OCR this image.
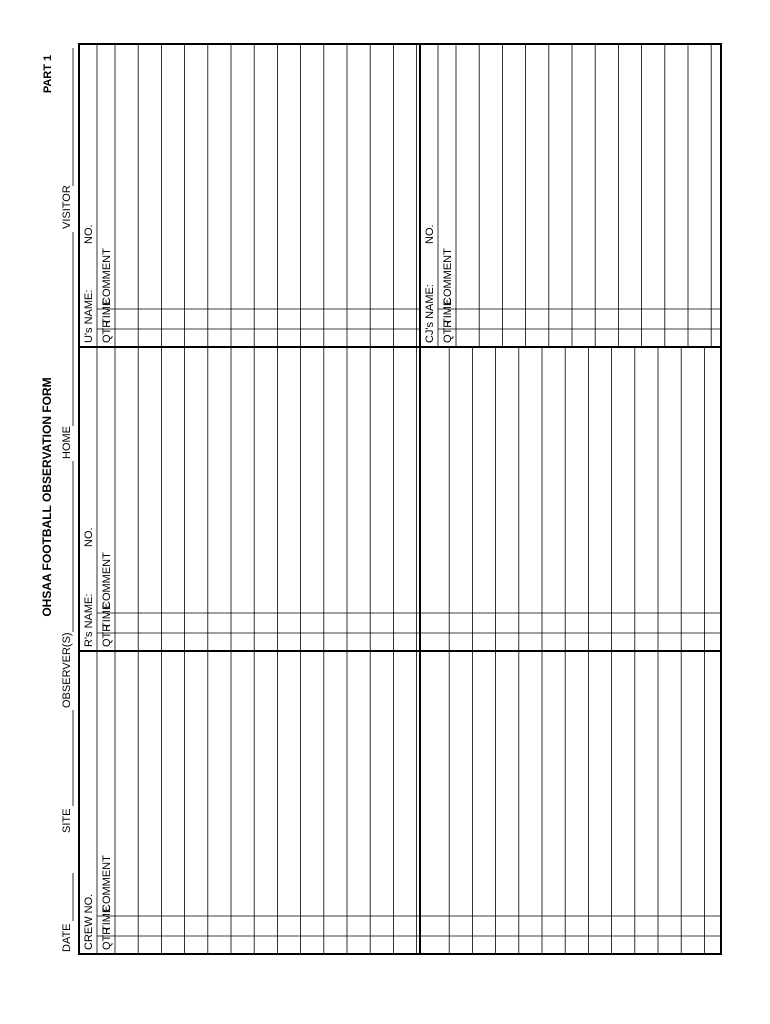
OHSAA FOOTBALL OBSERVATION FORM
PART 1
DATE
SITE
OBSERVER(S)
HOME
VISITOR
CREW NO. QTR
TIME
COMMENT
R's NAME:
NO.
QTR
TIME
COMMENT
U's NAME:
NO.
QTR
TIME
COMMENT
CJ's NAME:
NO.
QTR
TIME
COMMENT
